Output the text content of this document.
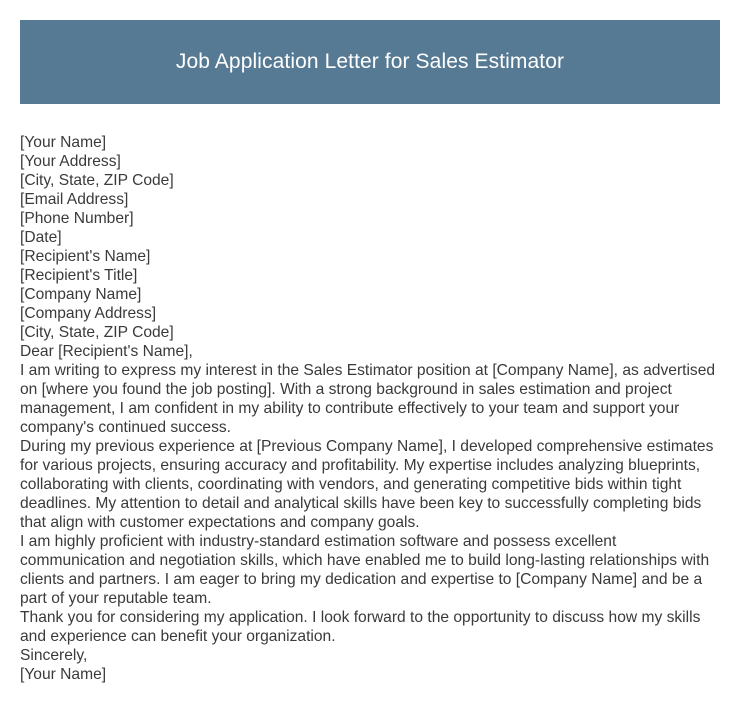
Job Application Letter for Sales Estimator
[Your Name]
[Your Address]
[City, State, ZIP Code]
[Email Address]
[Phone Number]
[Date]
[Recipient's Name]
[Recipient's Title]
[Company Name]
[Company Address]
[City, State, ZIP Code]
Dear [Recipient's Name],

I am writing to express my interest in the Sales Estimator position at [Company Name], as advertised on [where you found the job posting]. With a strong background in sales estimation and project management, I am confident in my ability to contribute effectively to your team and support your company's continued success.

During my previous experience at [Previous Company Name], I developed comprehensive estimates for various projects, ensuring accuracy and profitability. My expertise includes analyzing blueprints, collaborating with clients, coordinating with vendors, and generating competitive bids within tight deadlines. My attention to detail and analytical skills have been key to successfully completing bids that align with customer expectations and company goals.

I am highly proficient with industry-standard estimation software and possess excellent communication and negotiation skills, which have enabled me to build long-lasting relationships with clients and partners. I am eager to bring my dedication and expertise to [Company Name] and be a part of your reputable team.

Thank you for considering my application. I look forward to the opportunity to discuss how my skills and experience can benefit your organization.

Sincerely,
[Your Name]
